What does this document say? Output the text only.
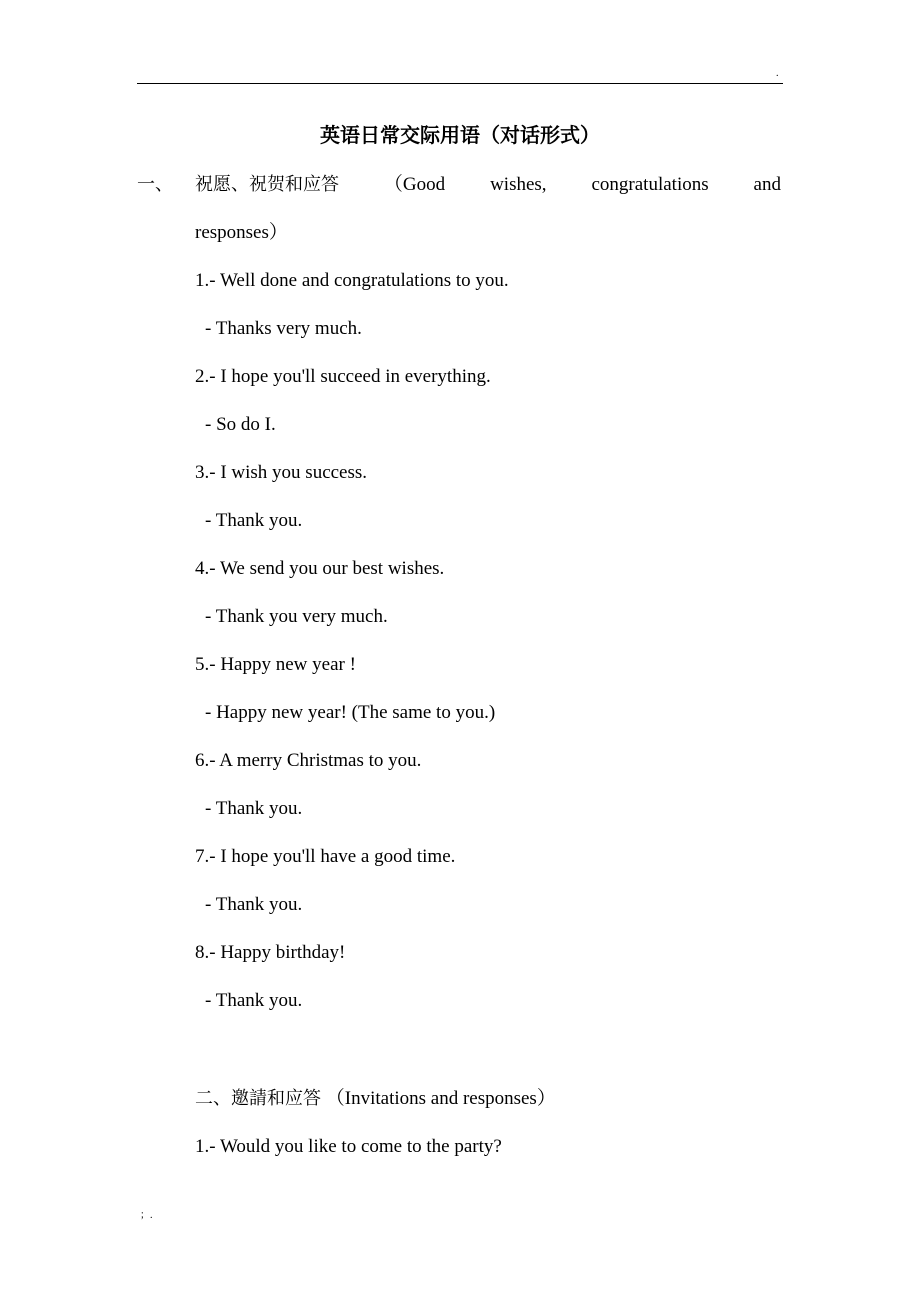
.
英语日常交际用语（对话形式）
一、 祝愿、祝贺和应答 （Good wishes, congratulations and
responses）
1.- Well done and congratulations to you.
- Thanks very much.
2.- I hope you'll succeed in everything.
- So do I.
3.- I wish you success.
- Thank you.
4.- We send you our best wishes.
- Thank you very much.
5.- Happy new year !
- Happy new year! (The same to you.)
6.- A merry Christmas to you.
- Thank you.
7.- I hope you'll have a good time.
- Thank you.
8.- Happy birthday!
- Thank you.
二、邀請和应答 （Invitations and responses）
1.- Would you like to come to the party?
；.
